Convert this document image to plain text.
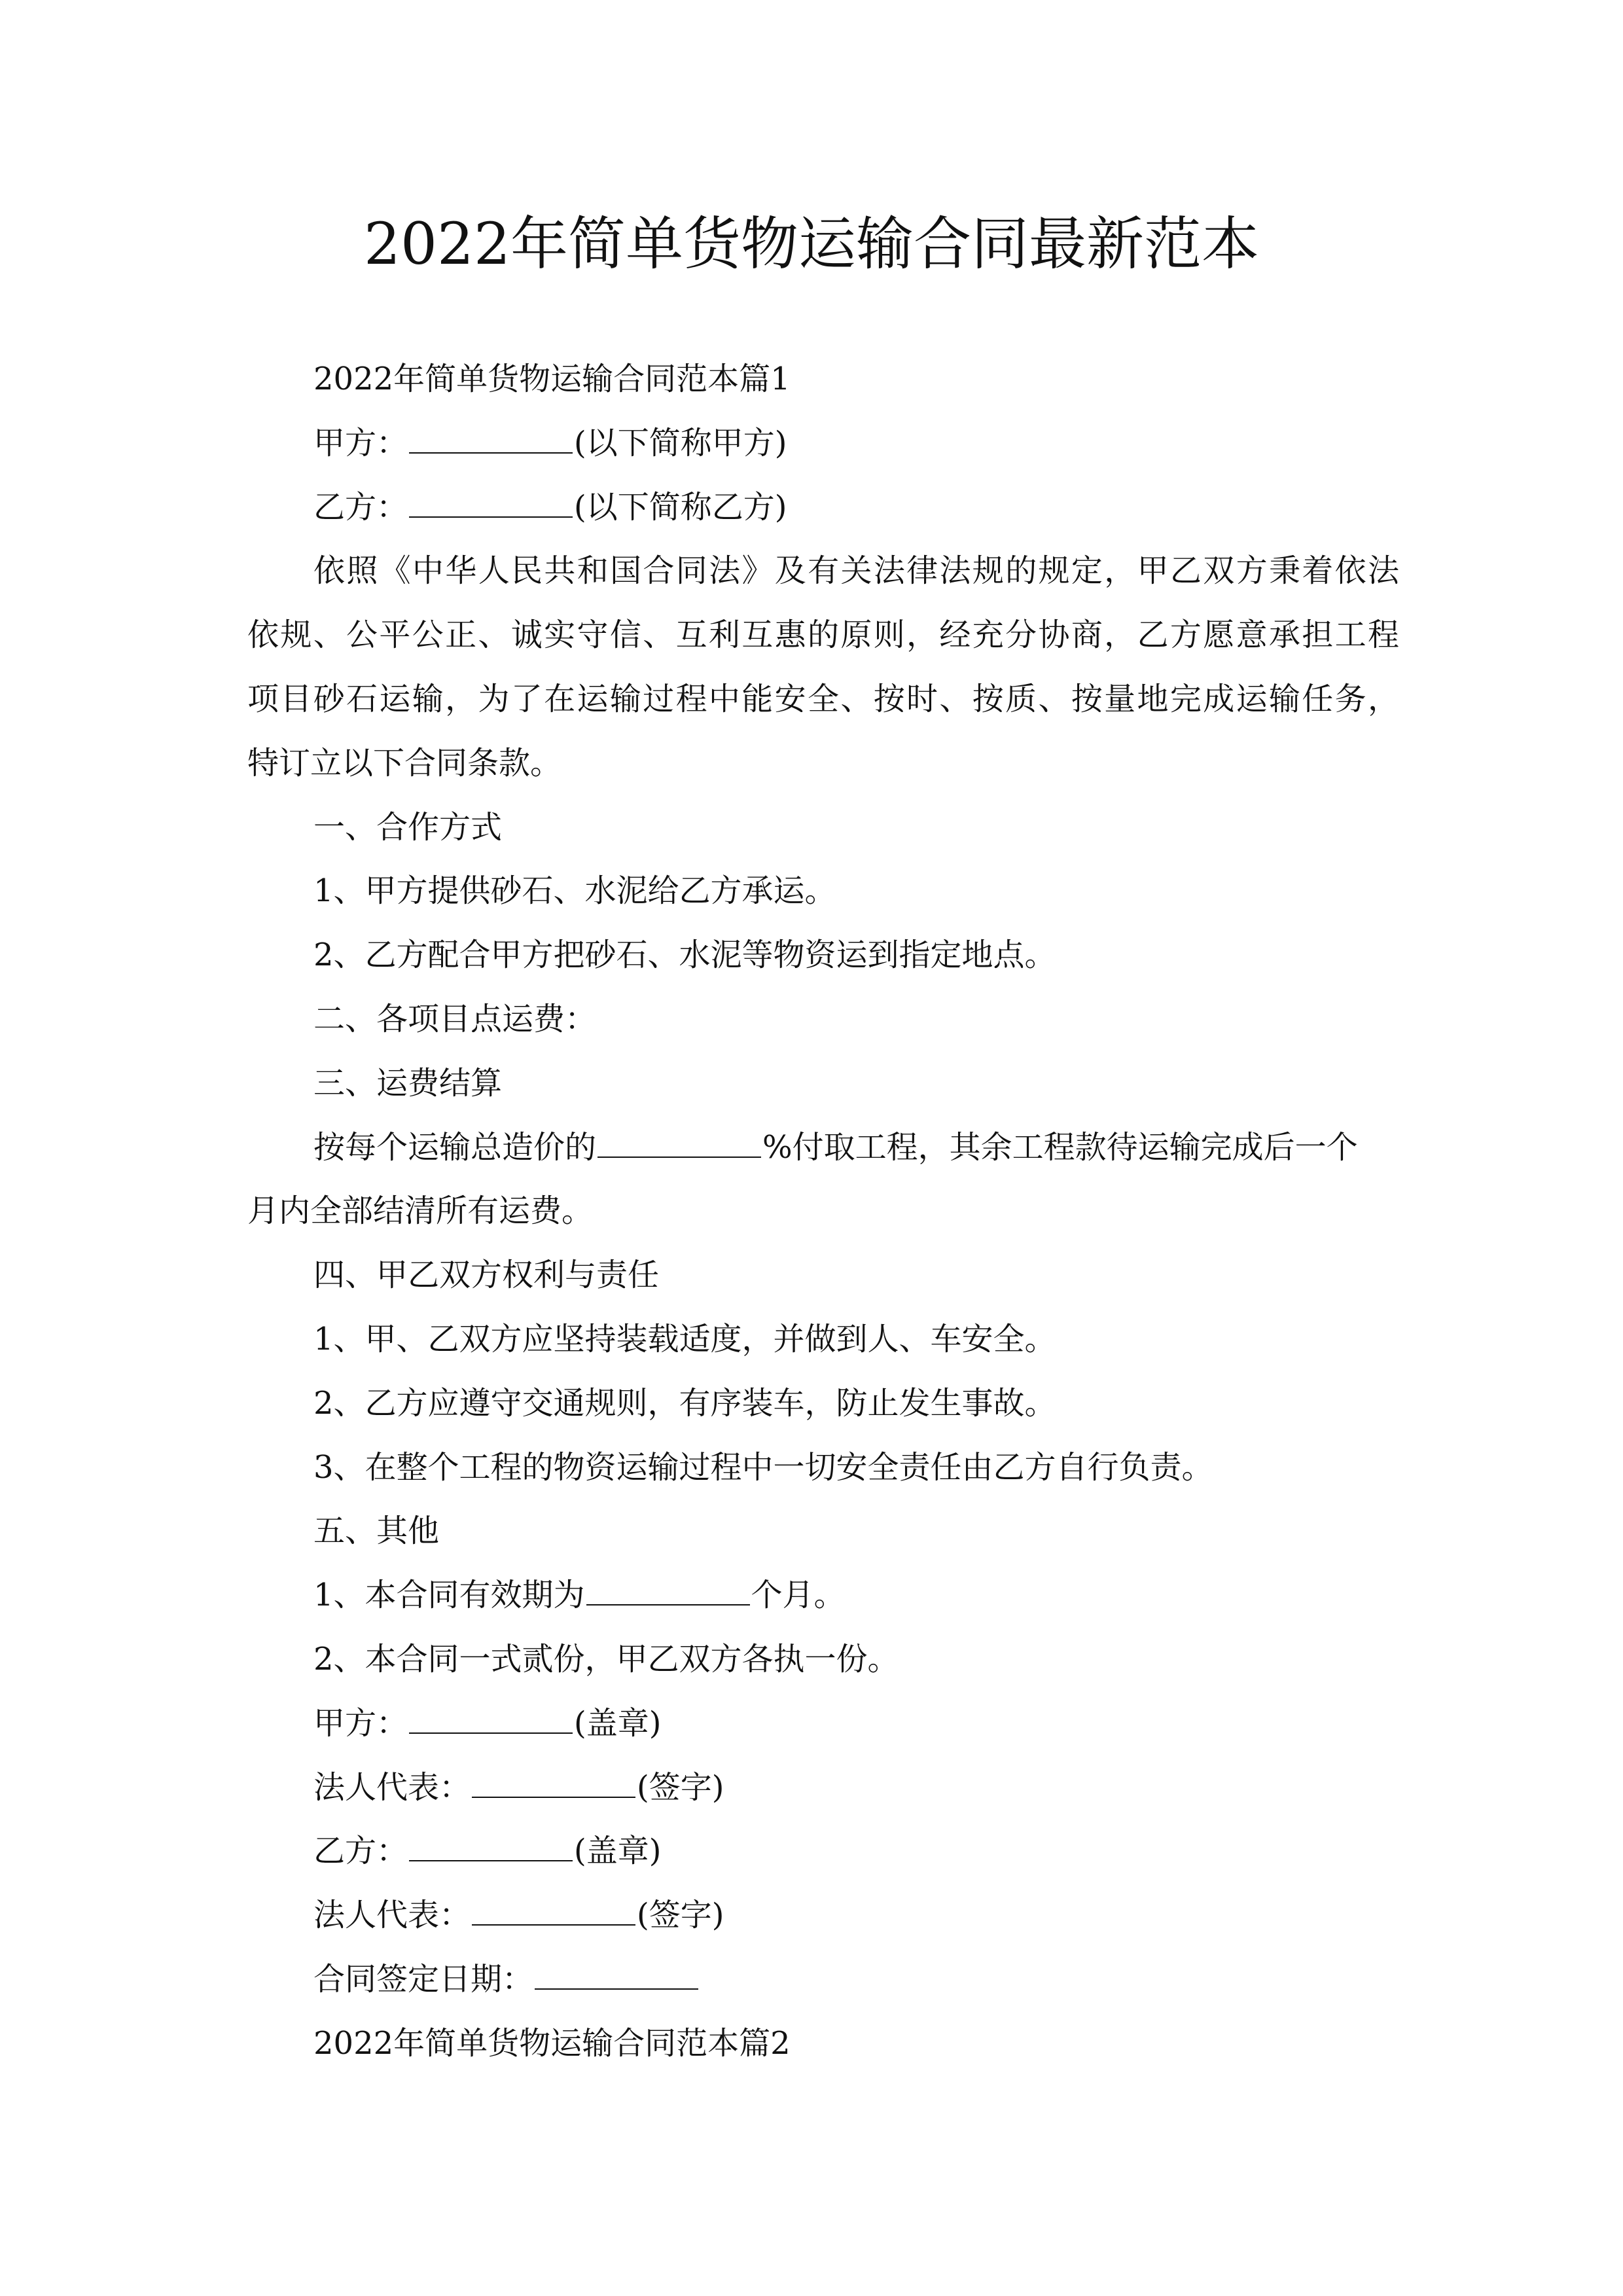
2022年简单货物运输合同最新范本
2022年简单货物运输合同范本篇1
甲方：	(以下简称甲方)
乙方：	(以下简称乙方)
依照《中华人民共和国合同法》及有关法律法规的规定，甲乙双方秉着依法
依规、公平公正、诚实守信、互利互惠的原则，经充分协商，乙方愿意承担工程
项目砂石运输，为了在运输过程中能安全、按时、按质、按量地完成运输任务，
特订立以下合同条款。
一、合作方式
1、甲方提供砂石、水泥给乙方承运。
2、乙方配合甲方把砂石、水泥等物资运到指定地点。
二、各项目点运费：
三、运费结算
按每个运输总造价的	%付取工程，其余工程款待运输完成后一个
月内全部结清所有运费。
四、甲乙双方权利与责任
1、甲、乙双方应坚持装载适度，并做到人、车安全。
2、乙方应遵守交通规则，有序装车，防止发生事故。
3、在整个工程的物资运输过程中一切安全责任由乙方自行负责。
五、其他
1、本合同有效期为	个月。
2、本合同一式贰份，甲乙双方各执一份。
甲方：	(盖章)
法人代表：	(签字)
乙方：	(盖章)
法人代表：	(签字)
合同签定日期：
2022年简单货物运输合同范本篇2
